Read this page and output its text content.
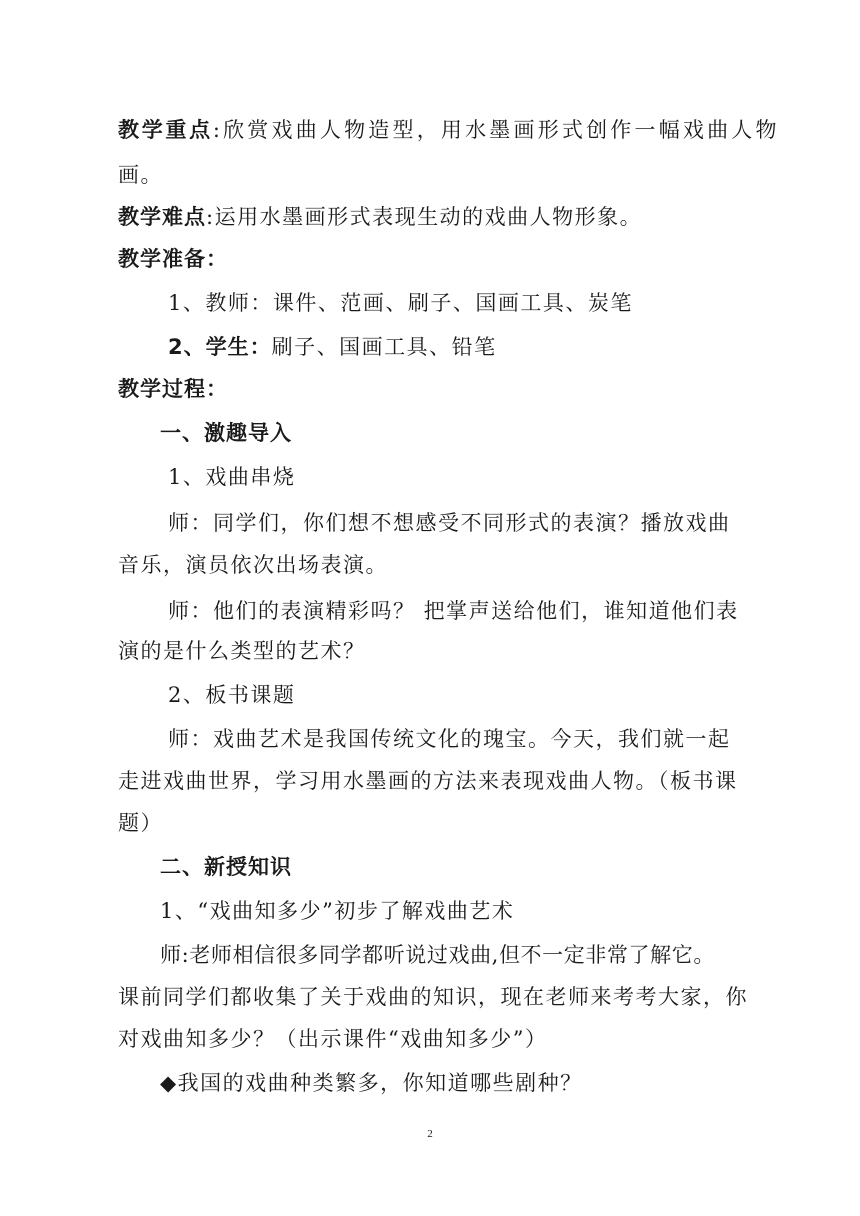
教学重点:欣赏戏曲人物造型，用水墨画形式创作一幅戏曲人物
画。
教学难点:运用水墨画形式表现生动的戏曲人物形象。
教学准备：
1、教师：课件、范画、刷子、国画工具、炭笔
2、学生：刷子、国画工具、铅笔
教学过程：
一、激趣导入
1、戏曲串烧
师：同学们，你们想不想感受不同形式的表演？播放戏曲
音乐，演员依次出场表演。
师：他们的表演精彩吗？ 把掌声送给他们，谁知道他们表
演的是什么类型的艺术？
2、板书课题
师：戏曲艺术是我国传统文化的瑰宝。今天，我们就一起
走进戏曲世界，学习用水墨画的方法来表现戏曲人物。（板书课
题）
二、新授知识
1、“戏曲知多少”初步了解戏曲艺术
师:老师相信很多同学都听说过戏曲,但不一定非常了解它。
课前同学们都收集了关于戏曲的知识，现在老师来考考大家，你
对戏曲知多少？（出示课件“戏曲知多少”）
◆我国的戏曲种类繁多，你知道哪些剧种？
2
